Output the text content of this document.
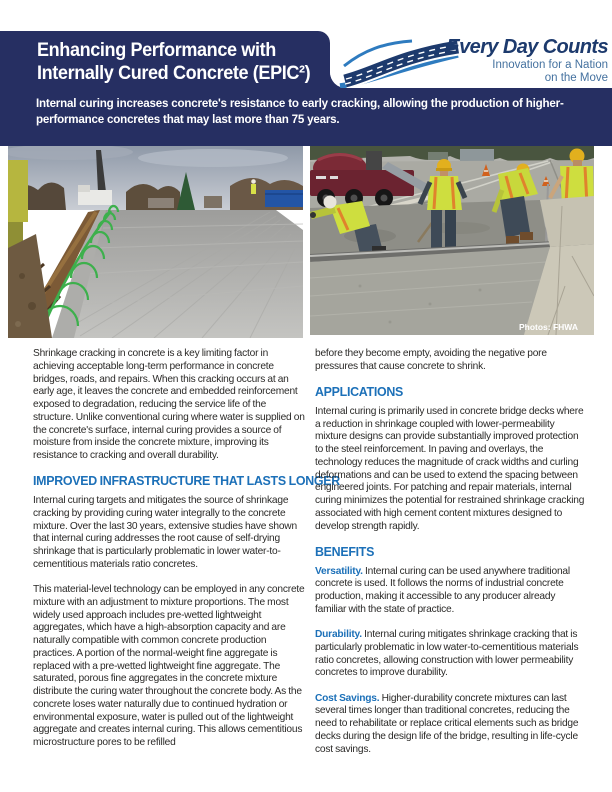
Enhancing Performance with
Internally Cured Concrete (EPIC²)
Internal curing increases concrete's resistance to early cracking, allowing the production of higher-performance concretes that may last more than 75 years.
Every Day Counts
Innovation for a Nation
on the Move
Photos: FHWA

Shrinkage cracking in concrete is a key limiting factor in achieving acceptable long-term performance in concrete bridges, roads, and repairs. When this cracking occurs at an early age, it leaves the concrete and embedded reinforcement exposed to degradation, reducing the service life of the structure. Unlike conventional curing where water is supplied on the concrete's surface, internal curing provides a source of moisture from inside the concrete mixture, improving its resistance to cracking and overall durability.

IMPROVED INFRASTRUCTURE THAT LASTS LONGER

Internal curing targets and mitigates the source of shrinkage cracking by providing curing water integrally to the concrete mixture. Over the last 30 years, extensive studies have shown that internal curing addresses the root cause of self-drying shrinkage that is particularly problematic in lower water-to-cementitious materials ratio concretes.

This material-level technology can be employed in any concrete mixture with an adjustment to mixture proportions. The most widely used approach includes pre-wetted lightweight aggregates, which have a high-absorption capacity and are naturally compatible with common concrete production practices. A portion of the normal-weight fine aggregate is replaced with a pre-wetted lightweight fine aggregate. The saturated, porous fine aggregates in the concrete mixture distribute the curing water throughout the concrete body. As the concrete loses water naturally due to continued hydration or environmental exposure, water is pulled out of the lightweight aggregate and creates internal curing. This allows cementitious microstructure pores to be refilled

before they become empty, avoiding the negative pore pressures that cause concrete to shrink.

APPLICATIONS

Internal curing is primarily used in concrete bridge decks where a reduction in shrinkage coupled with lower-permeability mixture designs can provide substantially improved protection to the steel reinforcement. In paving and overlays, the technology reduces the magnitude of crack widths and curling deformations and can be used to extend the spacing between engineered joints. For patching and repair materials, internal curing minimizes the potential for restrained shrinkage cracking associated with high cement content mixtures designed to develop strength rapidly.

BENEFITS

Versatility. Internal curing can be used anywhere traditional concrete is used. It follows the norms of industrial concrete production, making it accessible to any producer already familiar with the state of practice.

Durability. Internal curing mitigates shrinkage cracking that is particularly problematic in low water-to-cementitious materials ratio concretes, allowing construction with lower permeability concretes to improve durability.

Cost Savings. Higher-durability concrete mixtures can last several times longer than traditional concretes, reducing the need to rehabilitate or replace critical elements such as bridge decks during the design life of the bridge, resulting in life-cycle cost savings.
